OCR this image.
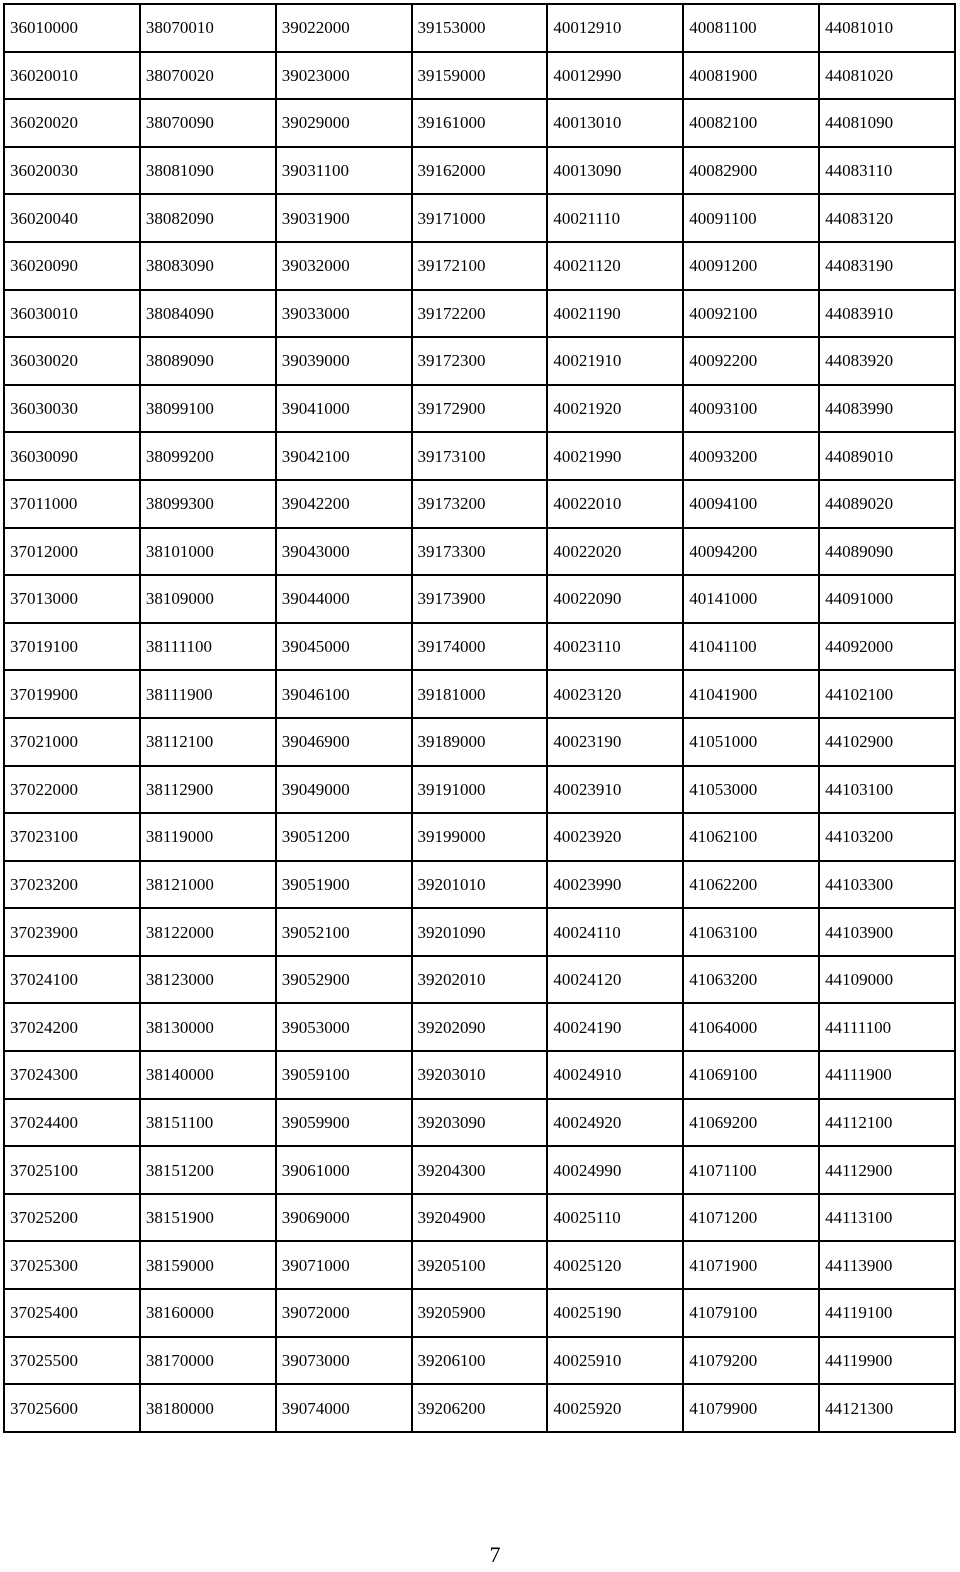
36010000	38070010	39022000	39153000	40012910	40081100	44081010
36020010	38070020	39023000	39159000	40012990	40081900	44081020
36020020	38070090	39029000	39161000	40013010	40082100	44081090
36020030	38081090	39031100	39162000	40013090	40082900	44083110
36020040	38082090	39031900	39171000	40021110	40091100	44083120
36020090	38083090	39032000	39172100	40021120	40091200	44083190
36030010	38084090	39033000	39172200	40021190	40092100	44083910
36030020	38089090	39039000	39172300	40021910	40092200	44083920
36030030	38099100	39041000	39172900	40021920	40093100	44083990
36030090	38099200	39042100	39173100	40021990	40093200	44089010
37011000	38099300	39042200	39173200	40022010	40094100	44089020
37012000	38101000	39043000	39173300	40022020	40094200	44089090
37013000	38109000	39044000	39173900	40022090	40141000	44091000
37019100	38111100	39045000	39174000	40023110	41041100	44092000
37019900	38111900	39046100	39181000	40023120	41041900	44102100
37021000	38112100	39046900	39189000	40023190	41051000	44102900
37022000	38112900	39049000	39191000	40023910	41053000	44103100
37023100	38119000	39051200	39199000	40023920	41062100	44103200
37023200	38121000	39051900	39201010	40023990	41062200	44103300
37023900	38122000	39052100	39201090	40024110	41063100	44103900
37024100	38123000	39052900	39202010	40024120	41063200	44109000
37024200	38130000	39053000	39202090	40024190	41064000	44111100
37024300	38140000	39059100	39203010	40024910	41069100	44111900
37024400	38151100	39059900	39203090	40024920	41069200	44112100
37025100	38151200	39061000	39204300	40024990	41071100	44112900
37025200	38151900	39069000	39204900	40025110	41071200	44113100
37025300	38159000	39071000	39205100	40025120	41071900	44113900
37025400	38160000	39072000	39205900	40025190	41079100	44119100
37025500	38170000	39073000	39206100	40025910	41079200	44119900
37025600	38180000	39074000	39206200	40025920	41079900	44121300
7
